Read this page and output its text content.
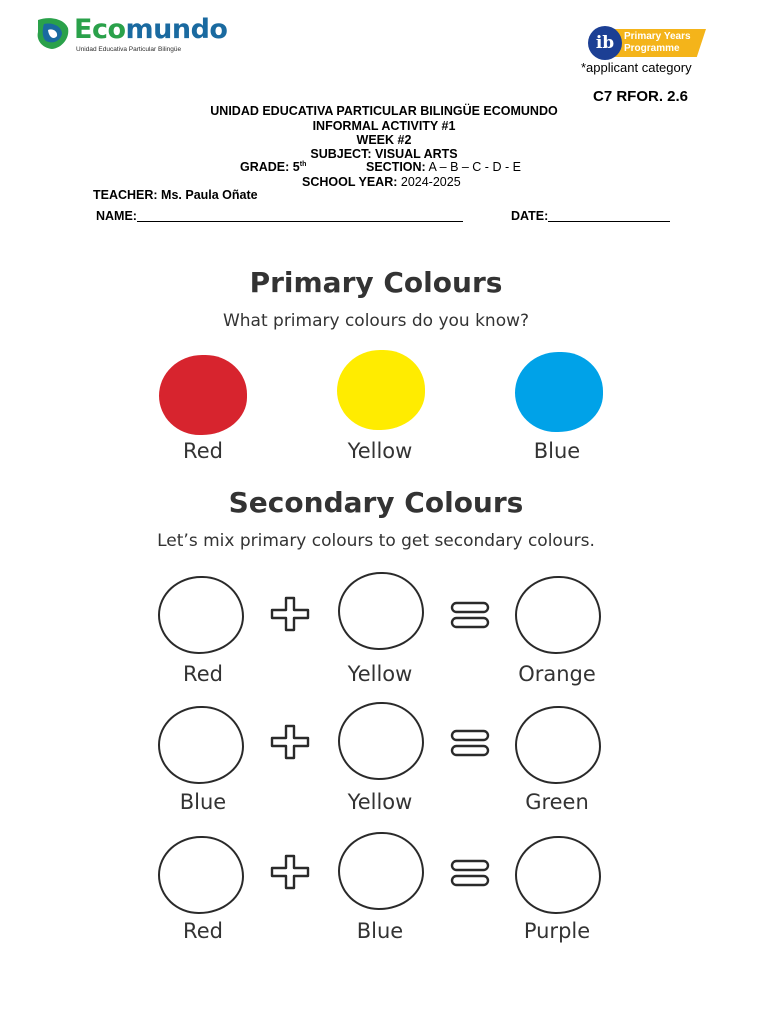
Ecomundo
Unidad Educativa Particular Bilingüe	ib Primary Years
Programme
*applicant category
C7 RFOR. 2.6
UNIDAD EDUCATIVA PARTICULAR BILINGÜE ECOMUNDO
INFORMAL ACTIVITY #1
WEEK #2
SUBJECT: VISUAL ARTS
GRADE: 5th	SECTION: A – B – C - D - E
SCHOOL YEAR: 2024-2025
TEACHER: Ms. Paula Oñate
NAME:	DATE:
Primary Colours
What primary colours do you know?
Red	Yellow	Blue
Secondary Colours
Let’s mix primary colours to get secondary colours.
Red	Yellow	Orange
Blue	Yellow	Green
Red	Blue	Purple
